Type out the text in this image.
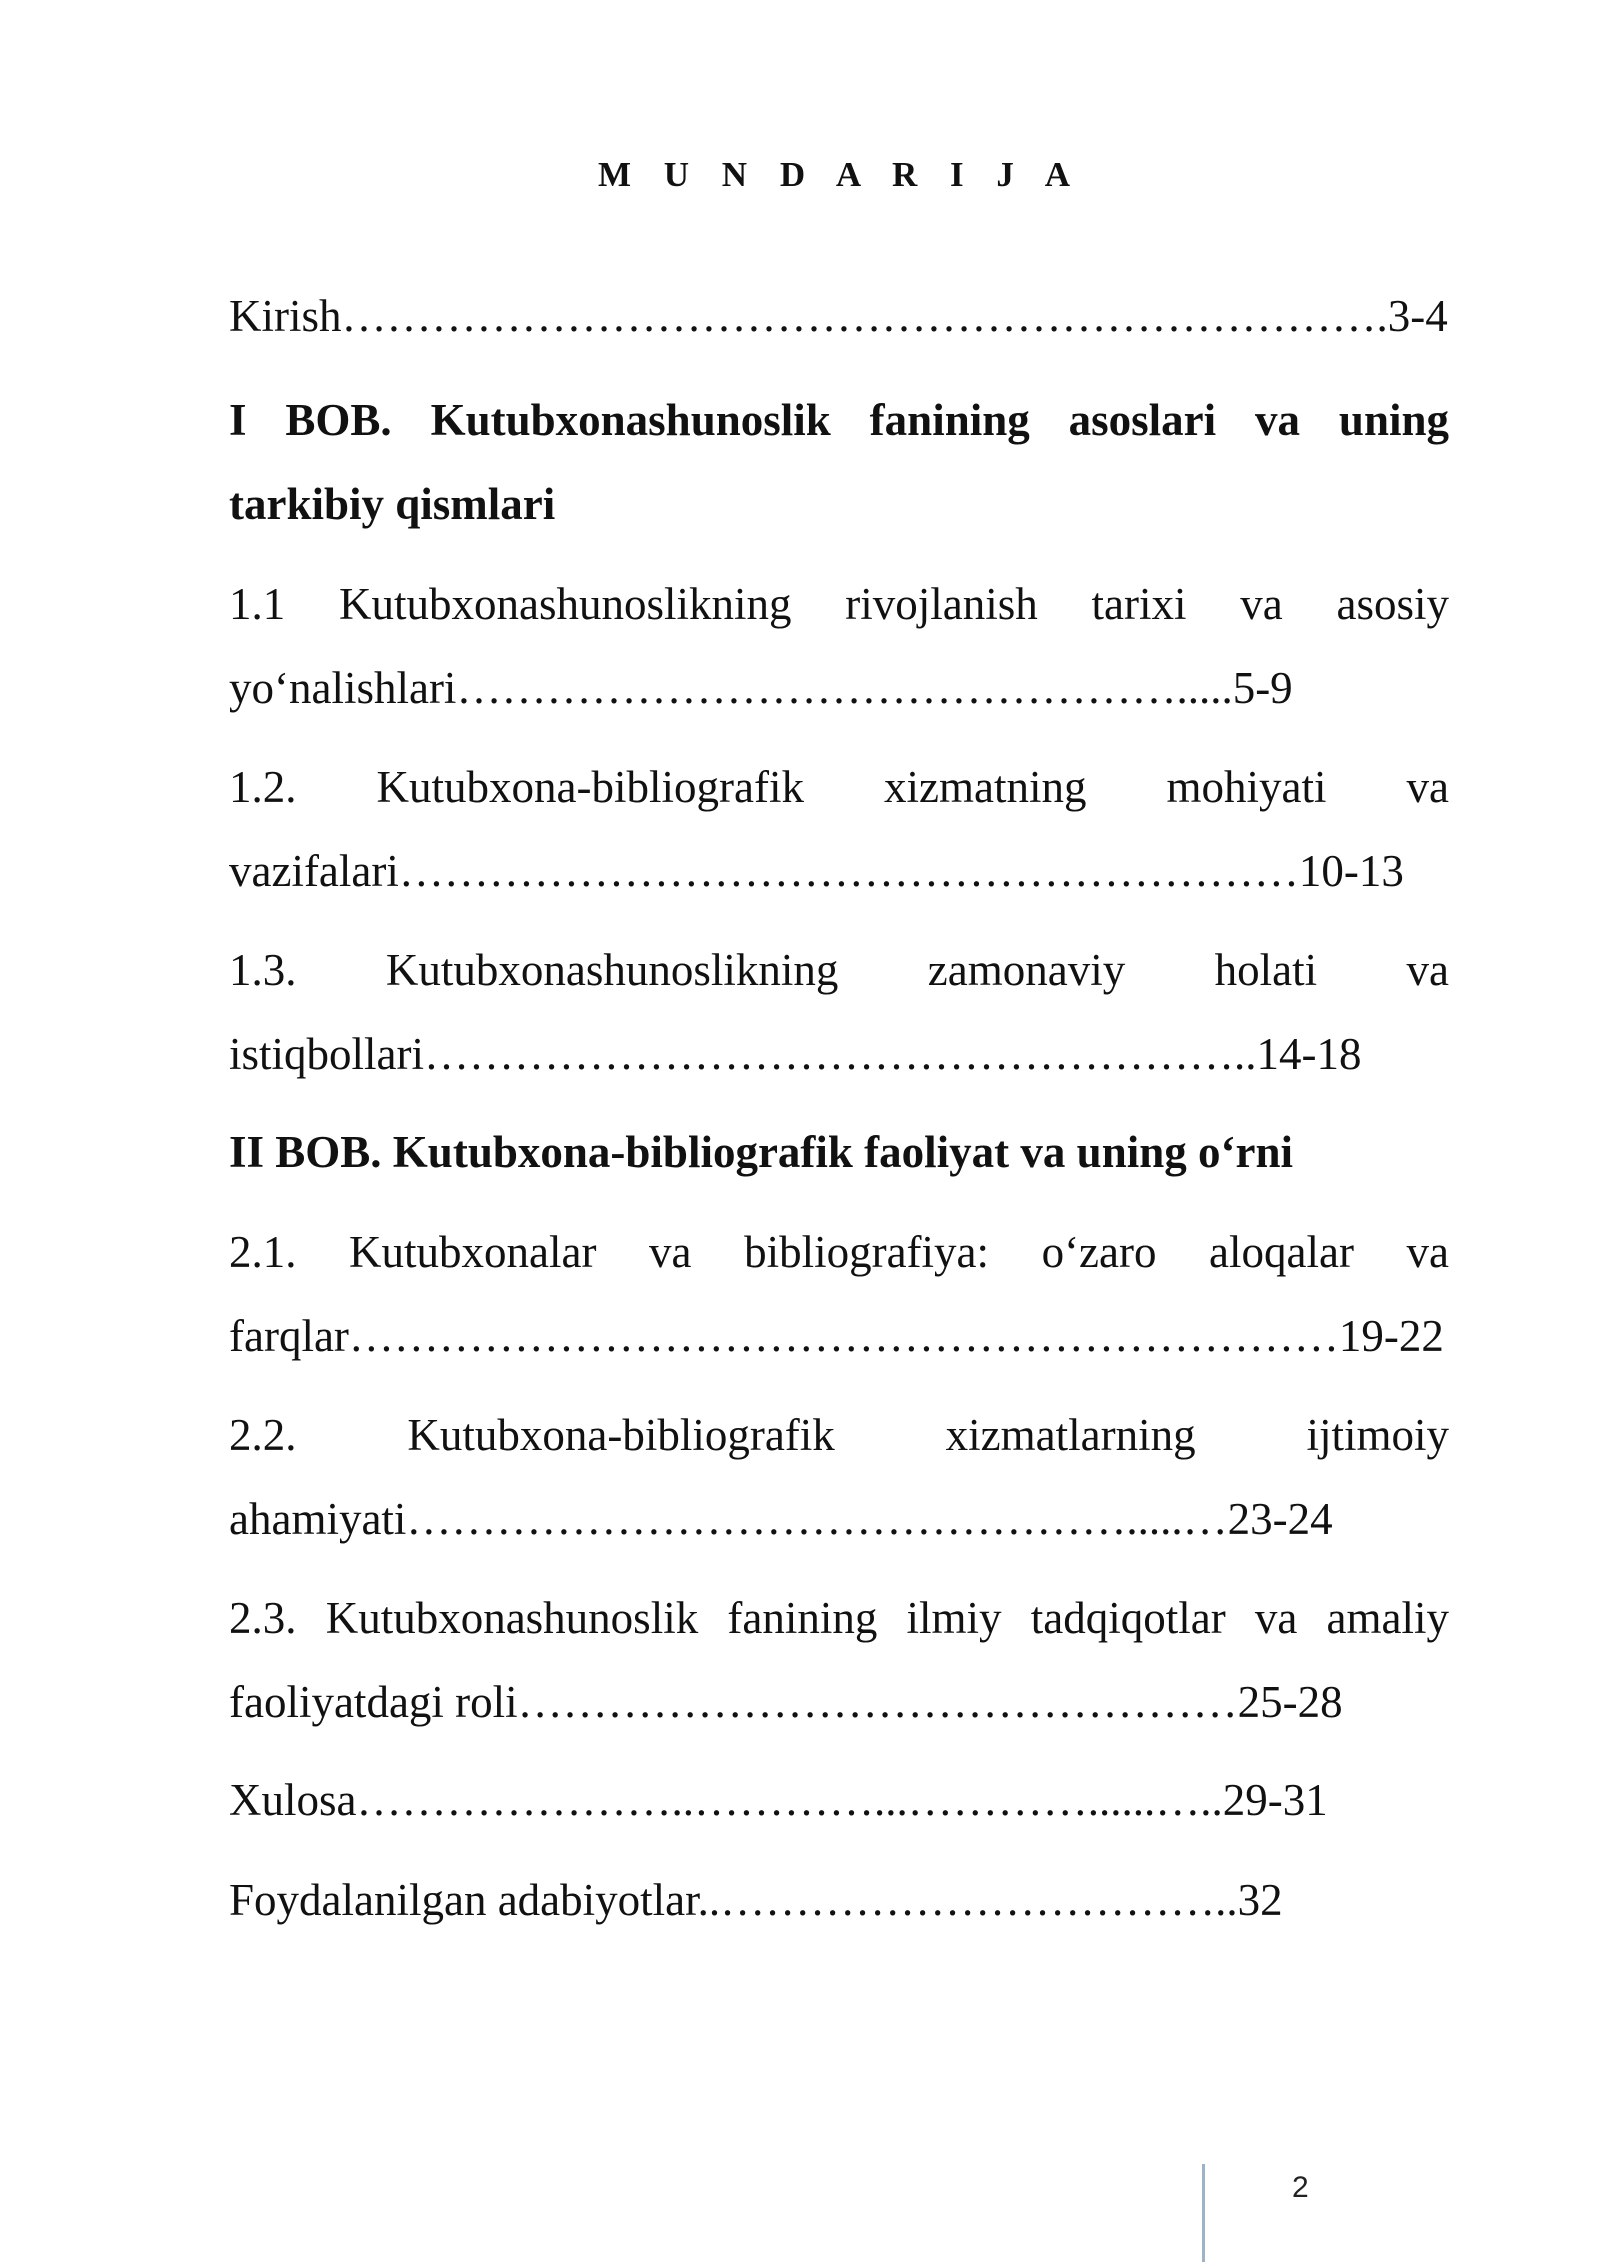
M U N D A R I J A
Kirish…………………………………………………………….3-4
I BOB. Kutubxonashunoslik fanining asoslari va uning
tarkibiy qismlari
1.1 Kutubxonashunoslikning rivojlanish tarixi va asosiy
yo‘nalishlari………………………………………….....5-9
1.2. Kutubxona-bibliografik xizmatning mohiyati va
vazifalari……………………………………………………10-13
1.3. Kutubxonashunoslikning zamonaviy holati va
istiqbollari………………………………………………..14-18
II BOB. Kutubxona-bibliografik faoliyat va uning o‘rni
2.1. Kutubxonalar va bibliografiya: o‘zaro aloqalar va
farqlar…………………………………………………………19-22
2.2. Kutubxona-bibliografik xizmatlarning ijtimoiy
ahamiyati………………………………………….....…23-24
2.3. Kutubxonashunoslik fanining ilmiy tadqiqotlar va amaliy
faoliyatdagi roli…………………………………………25-28
Xulosa…………………..…………...…………......…..29-31
Foydalanilgan adabiyotlar..……………………………..32
2
